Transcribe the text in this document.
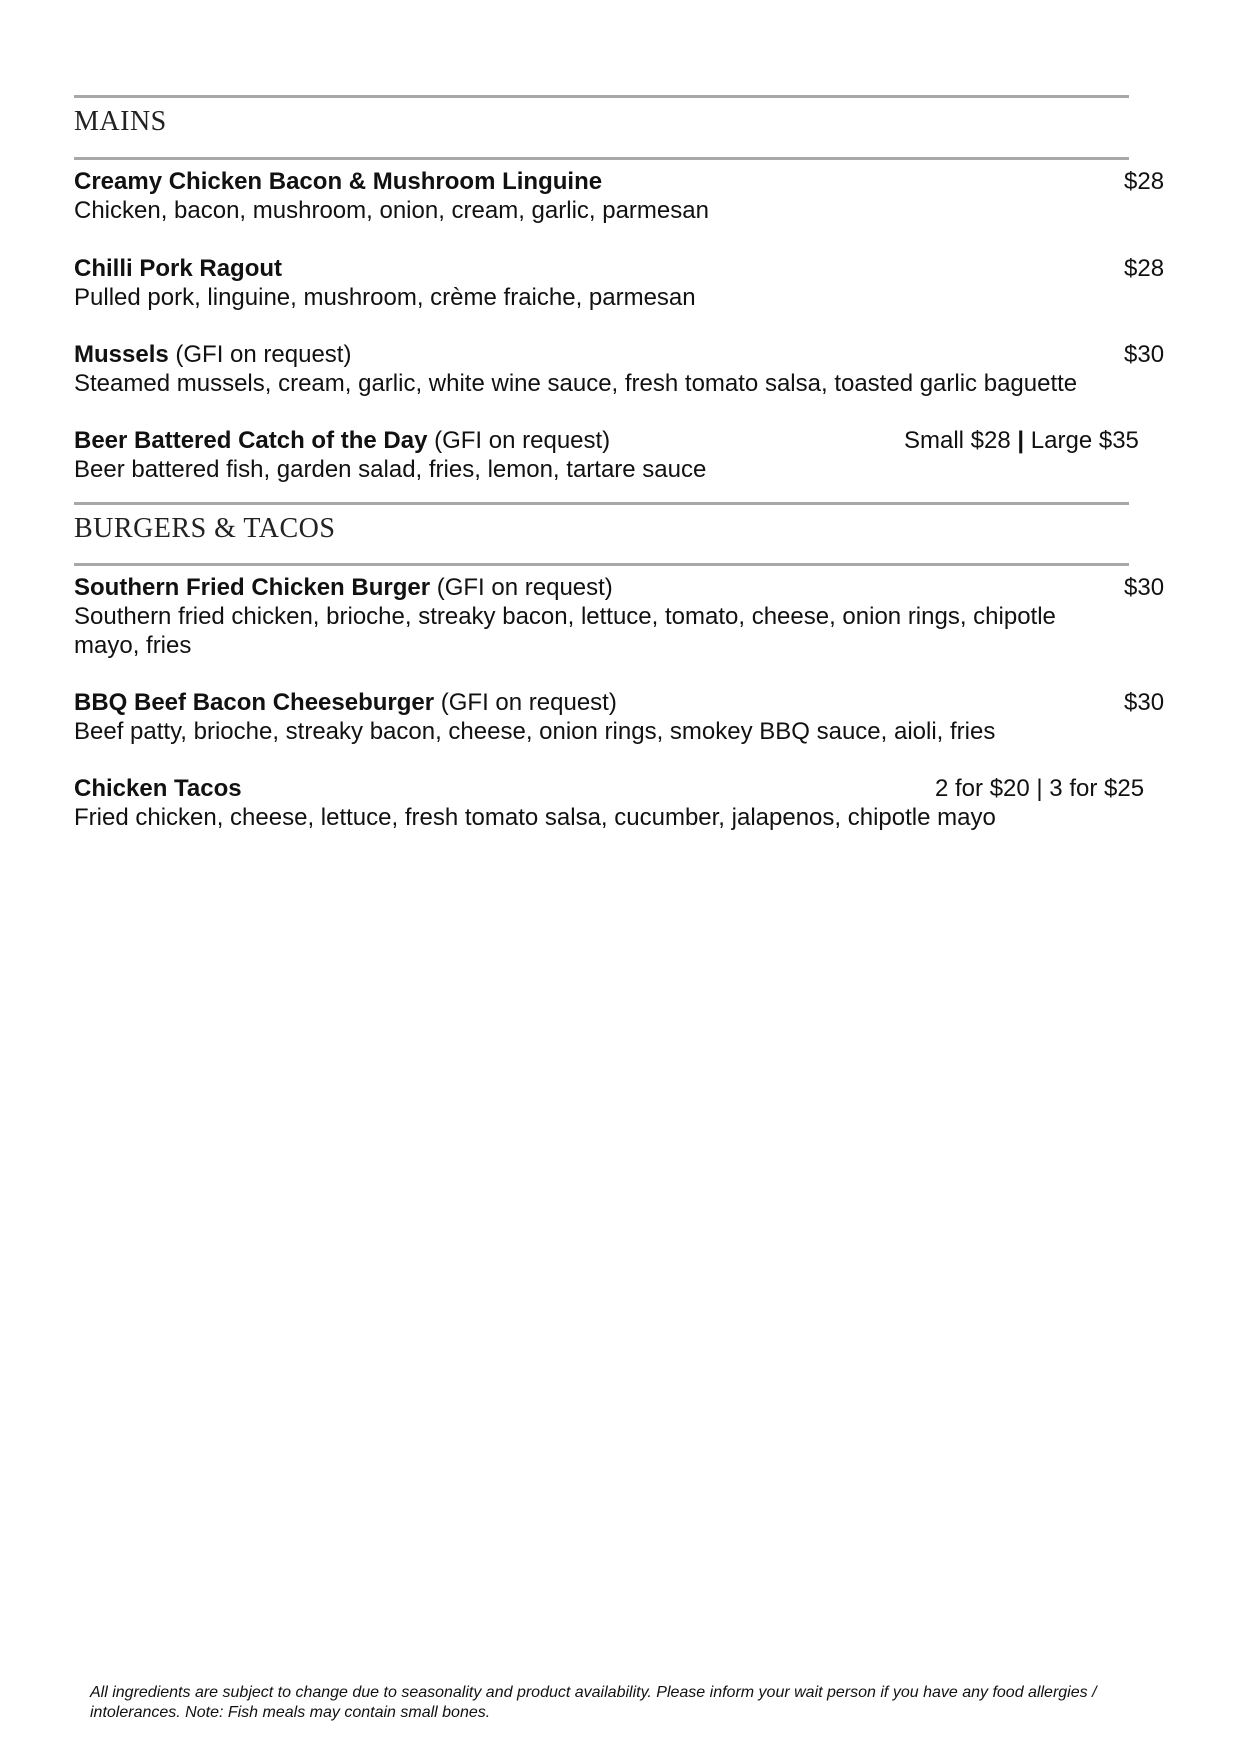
MAINS
Creamy Chicken Bacon & Mushroom Linguine
Chicken, bacon, mushroom, onion, cream, garlic, parmesan
$28
Chilli Pork Ragout
Pulled pork, linguine, mushroom, crème fraiche, parmesan
$28
Mussels (GFI on request)
Steamed mussels, cream, garlic, white wine sauce, fresh tomato salsa, toasted garlic baguette
$30
Beer Battered Catch of the Day (GFI on request)
Beer battered fish, garden salad, fries, lemon, tartare sauce
Small $28 | Large $35
BURGERS & TACOS
Southern Fried Chicken Burger (GFI on request)
Southern fried chicken, brioche, streaky bacon, lettuce, tomato, cheese, onion rings, chipotle
mayo, fries
$30
BBQ Beef Bacon Cheeseburger (GFI on request)
Beef patty, brioche, streaky bacon, cheese, onion rings, smokey BBQ sauce, aioli, fries
$30
Chicken Tacos
Fried chicken, cheese, lettuce, fresh tomato salsa, cucumber, jalapenos, chipotle mayo
2 for $20 | 3 for $25
All ingredients are subject to change due to seasonality and product availability. Please inform your wait person if you have any food allergies /
intolerances. Note: Fish meals may contain small bones.
